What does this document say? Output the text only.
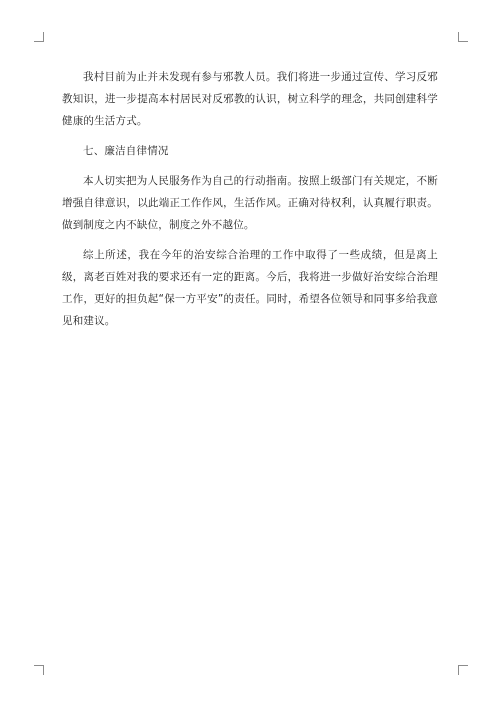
我村目前为止并未发现有参与邪教人员。我们将进一步通过宣传、学习反邪教知识，进一步提高本村居民对反邪教的认识，树立科学的理念，共同创建科学健康的生活方式。

七、廉洁自律情况

本人切实把为人民服务作为自己的行动指南。按照上级部门有关规定，不断增强自律意识，以此端正工作作风，生活作风。正确对待权利，认真履行职责。做到制度之内不缺位，制度之外不越位。

综上所述，我在今年的治安综合治理的工作中取得了一些成绩，但是离上级，离老百姓对我的要求还有一定的距离。今后，我将进一步做好治安综合治理工作，更好的担负起“保一方平安”的责任。同时，希望各位领导和同事多给我意见和建议。
